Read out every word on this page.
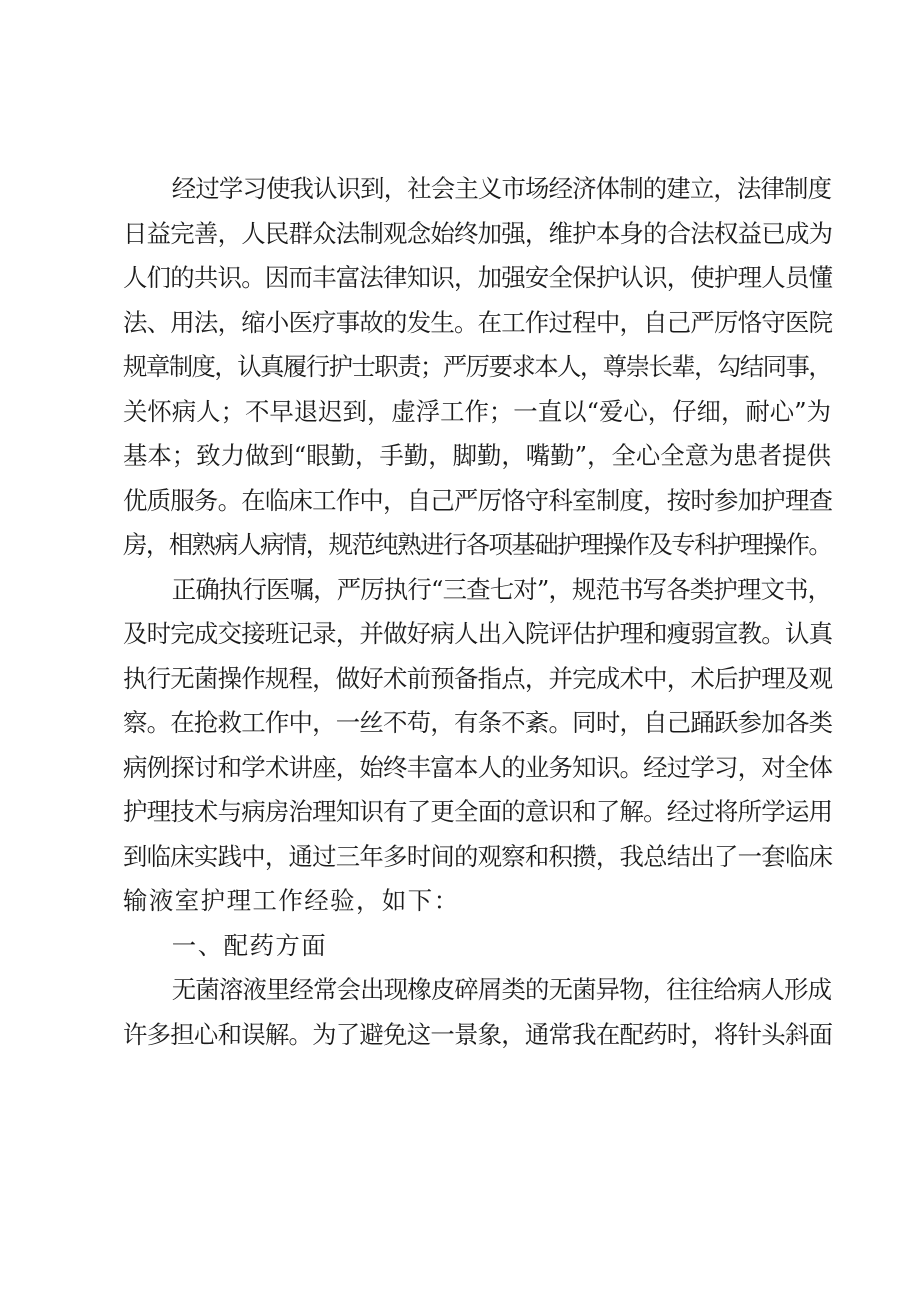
经过学习使我认识到，社会主义市场经济体制的建立，法律制度
日益完善，人民群众法制观念始终加强，维护本身的合法权益已成为
人们的共识。因而丰富法律知识，加强安全保护认识，使护理人员懂
法、用法，缩小医疗事故的发生。在工作过程中，自己严厉恪守医院
规章制度，认真履行护士职责；严厉要求本人，尊崇长辈，勾结同事，
关怀病人；不早退迟到，虚浮工作；一直以“爱心，仔细，耐心”为
基本；致力做到“眼勤，手勤，脚勤，嘴勤”，全心全意为患者提供
优质服务。在临床工作中，自己严厉恪守科室制度，按时参加护理查
房，相熟病人病情，规范纯熟进行各项基础护理操作及专科护理操作。
正确执行医嘱，严厉执行“三查七对”，规范书写各类护理文书，
及时完成交接班记录，并做好病人出入院评估护理和瘦弱宣教。认真
执行无菌操作规程，做好术前预备指点，并完成术中，术后护理及观
察。在抢救工作中，一丝不苟，有条不紊。同时，自己踊跃参加各类
病例探讨和学术讲座，始终丰富本人的业务知识。经过学习，对全体
护理技术与病房治理知识有了更全面的意识和了解。经过将所学运用
到临床实践中，通过三年多时间的观察和积攒，我总结出了一套临床
输液室护理工作经验，如下：
一、配药方面
无菌溶液里经常会出现橡皮碎屑类的无菌异物，往往给病人形成
许多担心和误解。为了避免这一景象，通常我在配药时，将针头斜面
